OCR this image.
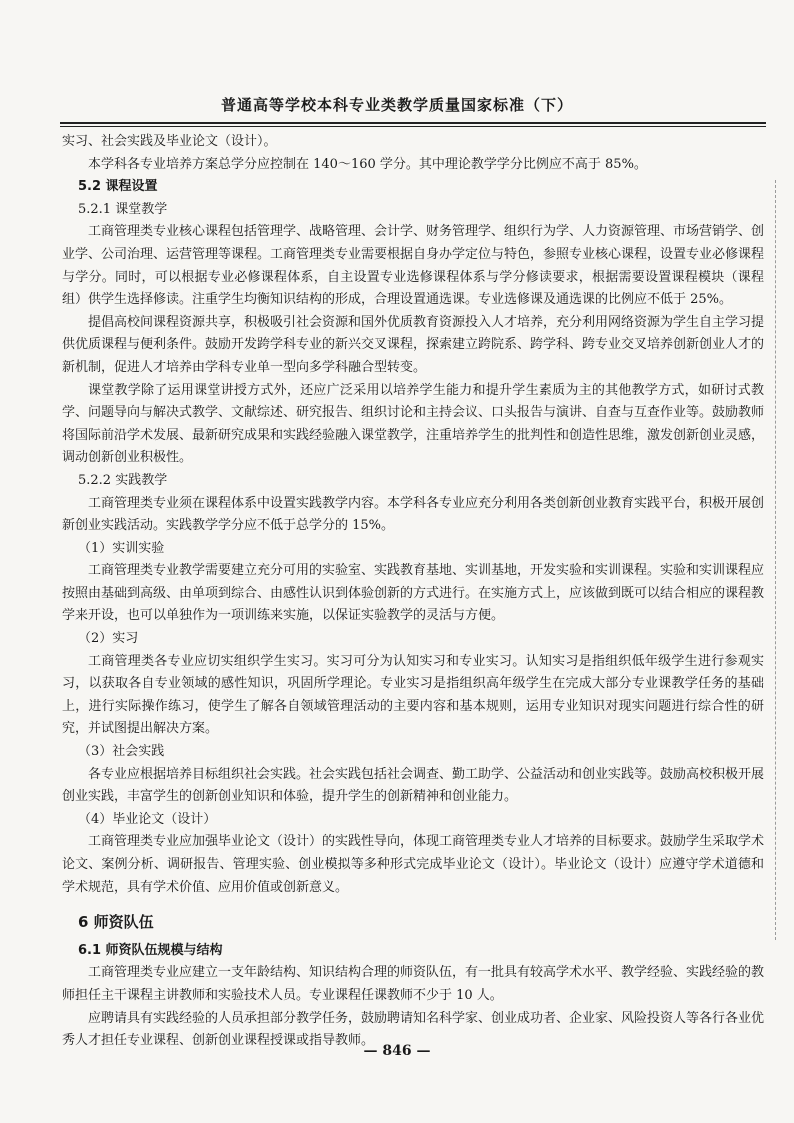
普通高等学校本科专业类教学质量国家标准（下）

实习、社会实践及毕业论文（设计）。

本学科各专业培养方案总学分应控制在 140～160 学分。其中理论教学学分比例应不高于 85%。

5.2 课程设置

5.2.1 课堂教学

工商管理类专业核心课程包括管理学、战略管理、会计学、财务管理学、组织行为学、人力资源管理、市场营销学、创业学、公司治理、运营管理等课程。工商管理类专业需要根据自身办学定位与特色，参照专业核心课程，设置专业必修课程与学分。同时，可以根据专业必修课程体系，自主设置专业选修课程体系与学分修读要求，根据需要设置课程模块（课程组）供学生选择修读。注重学生均衡知识结构的形成，合理设置通选课。专业选修课及通选课的比例应不低于 25%。

提倡高校间课程资源共享，积极吸引社会资源和国外优质教育资源投入人才培养，充分利用网络资源为学生自主学习提供优质课程与便利条件。鼓励开发跨学科专业的新兴交叉课程，探索建立跨院系、跨学科、跨专业交叉培养创新创业人才的新机制，促进人才培养由学科专业单一型向多学科融合型转变。

课堂教学除了运用课堂讲授方式外，还应广泛采用以培养学生能力和提升学生素质为主的其他教学方式，如研讨式教学、问题导向与解决式教学、文献综述、研究报告、组织讨论和主持会议、口头报告与演讲、自查与互查作业等。鼓励教师将国际前沿学术发展、最新研究成果和实践经验融入课堂教学，注重培养学生的批判性和创造性思维，激发创新创业灵感，调动创新创业积极性。

5.2.2 实践教学

工商管理类专业须在课程体系中设置实践教学内容。本学科各专业应充分利用各类创新创业教育实践平台，积极开展创新创业实践活动。实践教学学分应不低于总学分的 15%。

（1）实训实验

工商管理类专业教学需要建立充分可用的实验室、实践教育基地、实训基地，开发实验和实训课程。实验和实训课程应按照由基础到高级、由单项到综合、由感性认识到体验创新的方式进行。在实施方式上，应该做到既可以结合相应的课程教学来开设，也可以单独作为一项训练来实施，以保证实验教学的灵活与方便。

（2）实习

工商管理类各专业应切实组织学生实习。实习可分为认知实习和专业实习。认知实习是指组织低年级学生进行参观实习，以获取各自专业领域的感性知识，巩固所学理论。专业实习是指组织高年级学生在完成大部分专业课教学任务的基础上，进行实际操作练习，使学生了解各自领域管理活动的主要内容和基本规则，运用专业知识对现实问题进行综合性的研究，并试图提出解决方案。

（3）社会实践

各专业应根据培养目标组织社会实践。社会实践包括社会调查、勤工助学、公益活动和创业实践等。鼓励高校积极开展创业实践，丰富学生的创新创业知识和体验，提升学生的创新精神和创业能力。

（4）毕业论文（设计）

工商管理类专业应加强毕业论文（设计）的实践性导向，体现工商管理类专业人才培养的目标要求。鼓励学生采取学术论文、案例分析、调研报告、管理实验、创业模拟等多种形式完成毕业论文（设计）。毕业论文（设计）应遵守学术道德和学术规范，具有学术价值、应用价值或创新意义。

6 师资队伍

6.1 师资队伍规模与结构

工商管理类专业应建立一支年龄结构、知识结构合理的师资队伍，有一批具有较高学术水平、教学经验、实践经验的教师担任主干课程主讲教师和实验技术人员。专业课程任课教师不少于 10 人。

应聘请具有实践经验的人员承担部分教学任务，鼓励聘请知名科学家、创业成功者、企业家、风险投资人等各行各业优秀人才担任专业课程、创新创业课程授课或指导教师。

— 846 —
